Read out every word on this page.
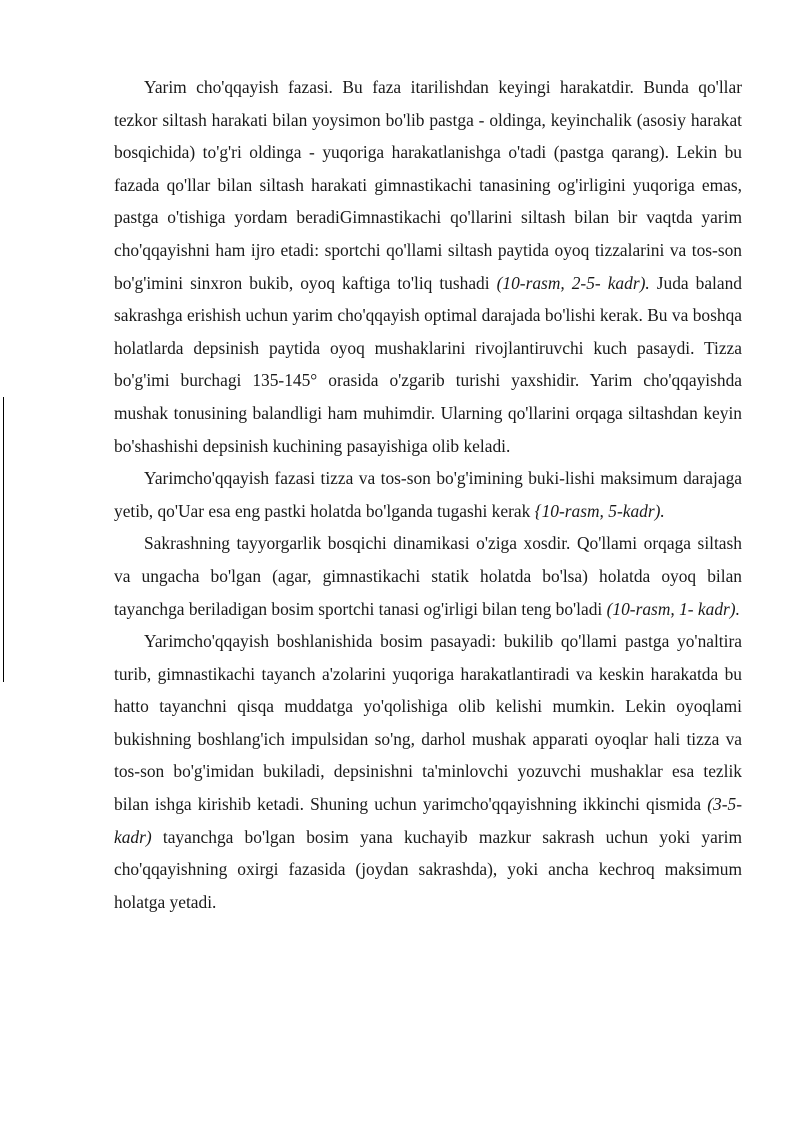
Yarim cho'qqayish fazasi. Bu faza itarilishdan keyingi harakatdir. Bunda qo'llar tezkor siltash harakati bilan yoysimon bo'lib pastga - oldinga, keyinchalik (asosiy harakat bosqichida) to'g'ri oldinga - yuqoriga harakatlanishga o'tadi (pastga qarang). Lekin bu fazada qo'llar bilan siltash harakati gimnastikachi tanasining og'irligini yuqoriga emas, pastga o'tishiga yordam beradiGimnastikachi qo'llarini siltash bilan bir vaqtda yarim cho'qqayishni ham ijro etadi: sportchi qo'llami siltash paytida oyoq tizzalarini va tos-son bo'g'imini sinxron bukib, oyoq kaftiga to'liq tushadi (10-rasm, 2-5- kadr). Juda baland sakrashga erishish uchun yarim cho'qqayish optimal darajada bo'lishi kerak. Bu va boshqa holatlarda depsinish paytida oyoq mushaklarini rivojlantiruvchi kuch pasaydi. Tizza bo'g'imi burchagi 135-145° orasida o'zgarib turishi yaxshidir. Yarim cho'qqayishda mushak tonusining balandligi ham muhimdir. Ularning qo'llarini orqaga siltashdan keyin bo'shashishi depsinish kuchining pasayishiga olib keladi.

Yarimcho'qqayish fazasi tizza va tos-son bo'g'imining buki-lishi maksimum darajaga yetib, qo'Uar esa eng pastki holatda bo'lganda tugashi kerak {10-rasm, 5-kadr).

Sakrashning tayyorgarlik bosqichi dinamikasi o'ziga xosdir. Qo'llami orqaga siltash va ungacha bo'lgan (agar, gimnastikachi statik holatda bo'lsa) holatda oyoq bilan tayanchga beriladigan bosim sportchi tanasi og'irligi bilan teng bo'ladi (10-rasm, 1- kadr).

Yarimcho'qqayish boshlanishida bosim pasayadi: bukilib qo'llami pastga yo'naltira turib, gimnastikachi tayanch a'zolarini yuqoriga harakatlantiradi va keskin harakatda bu hatto tayanchni qisqa muddatga yo'qolishiga olib kelishi mumkin. Lekin oyoqlami bukishning boshlang'ich impulsidan so'ng, darhol mushak apparati oyoqlar hali tizza va tos-son bo'g'imidan bukiladi, depsinishni ta'minlovchi yozuvchi mushaklar esa tezlik bilan ishga kirishib ketadi. Shuning uchun yarimcho'qqayishning ikkinchi qismida (3-5- kadr) tayanchga bo'lgan bosim yana kuchayib mazkur sakrash uchun yoki yarim cho'qqayishning oxirgi fazasida (joydan sakrashda), yoki ancha kechroq maksimum holatga yetadi.
